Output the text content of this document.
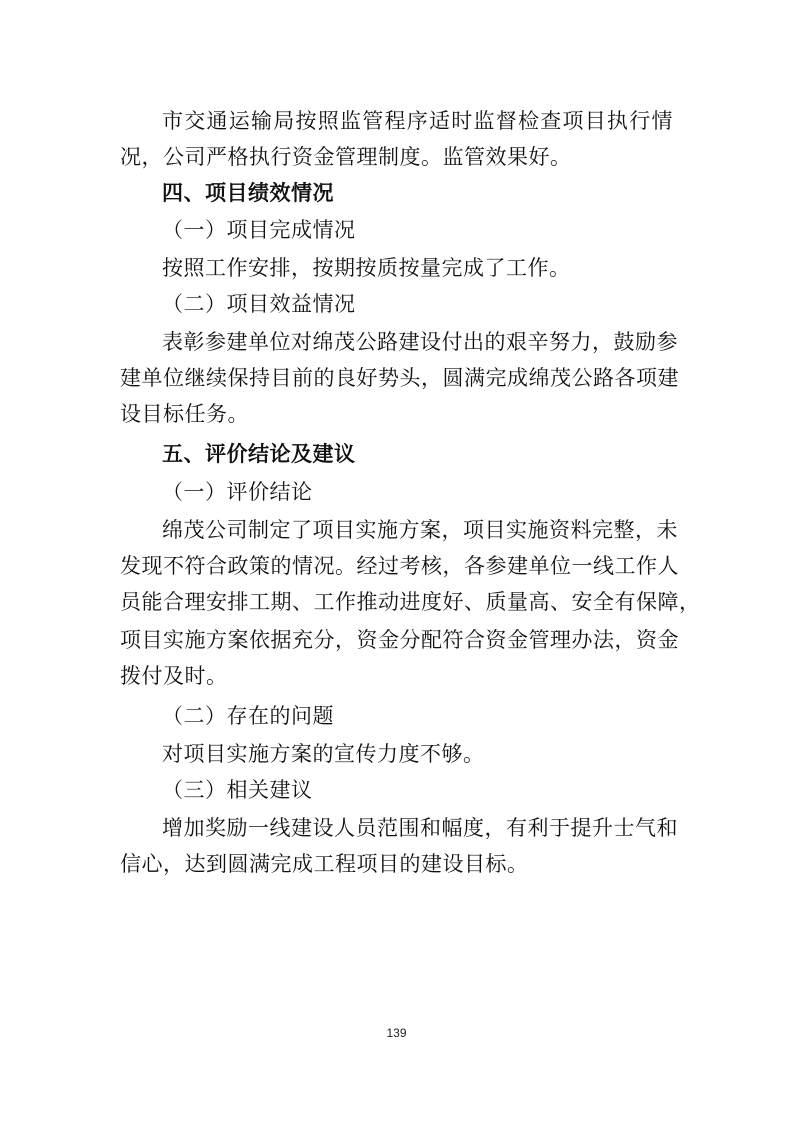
市交通运输局按照监管程序适时监督检查项目执行情
况，公司严格执行资金管理制度。监管效果好。
四、项目绩效情况
（一）项目完成情况
按照工作安排，按期按质按量完成了工作。
（二）项目效益情况
表彰参建单位对绵茂公路建设付出的艰辛努力，鼓励参
建单位继续保持目前的良好势头，圆满完成绵茂公路各项建
设目标任务。
五、评价结论及建议
（一）评价结论
绵茂公司制定了项目实施方案，项目实施资料完整，未
发现不符合政策的情况。经过考核，各参建单位一线工作人
员能合理安排工期、工作推动进度好、质量高、安全有保障，
项目实施方案依据充分，资金分配符合资金管理办法，资金
拨付及时。
（二）存在的问题
对项目实施方案的宣传力度不够。
（三）相关建议
增加奖励一线建设人员范围和幅度，有利于提升士气和
信心，达到圆满完成工程项目的建设目标。
139
